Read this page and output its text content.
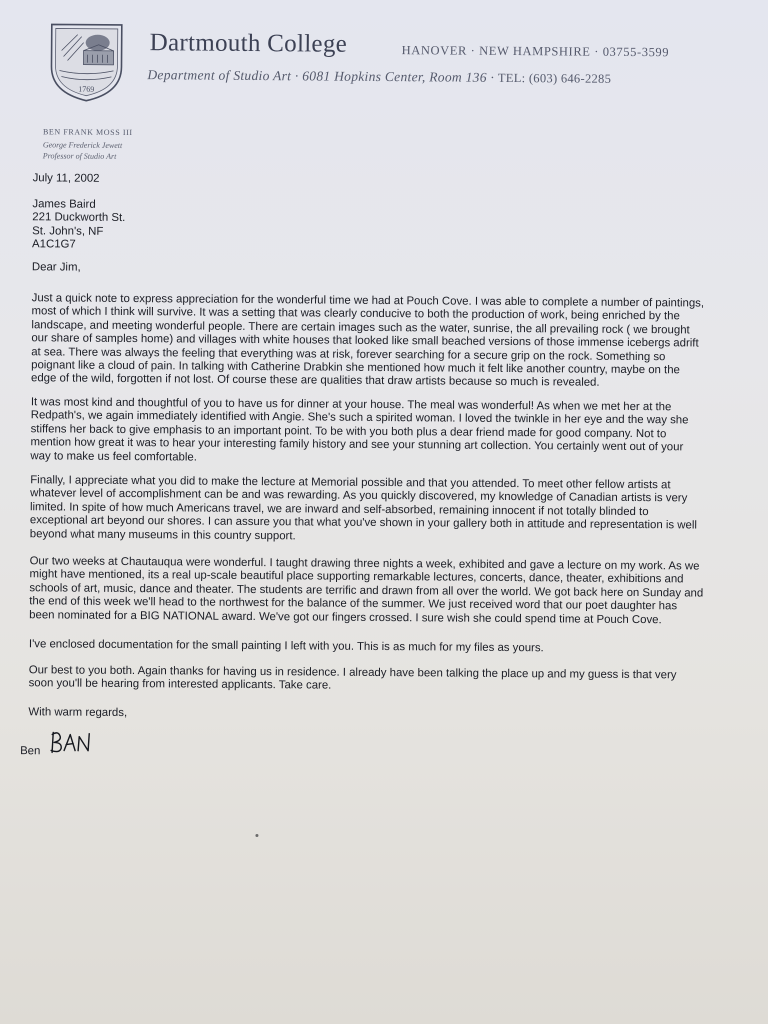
1769
Dartmouth College	HANOVER · NEW HAMPSHIRE · 03755-3599
Department of Studio Art · 6081 Hopkins Center, Room 136 · TEL: (603) 646-2285
BEN FRANK MOSS III
George Frederick Jewett
Professor of Studio Art
July 11, 2002
James Baird
221 Duckworth St.
St. John's, NF
A1C1G7
Dear Jim,
Just a quick note to express appreciation for the wonderful time we had at Pouch Cove. I was able to complete a number of paintings,
most of which I think will survive. It was a setting that was clearly conducive to both the production of work, being enriched by the
landscape, and meeting wonderful people. There are certain images such as the water, sunrise, the all prevailing rock ( we brought
our share of samples home) and villages with white houses that looked like small beached versions of those immense icebergs adrift
at sea. There was always the feeling that everything was at risk, forever searching for a secure grip on the rock. Something so
poignant like a cloud of pain. In talking with Catherine Drabkin she mentioned how much it felt like another country, maybe on the
edge of the wild, forgotten if not lost. Of course these are qualities that draw artists because so much is revealed.
It was most kind and thoughtful of you to have us for dinner at your house. The meal was wonderful! As when we met her at the
Redpath's, we again immediately identified with Angie. She's such a spirited woman. I loved the twinkle in her eye and the way she
stiffens her back to give emphasis to an important point. To be with you both plus a dear friend made for good company. Not to
mention how great it was to hear your interesting family history and see your stunning art collection. You certainly went out of your
way to make us feel comfortable.
Finally, I appreciate what you did to make the lecture at Memorial possible and that you attended. To meet other fellow artists at
whatever level of accomplishment can be and was rewarding. As you quickly discovered, my knowledge of Canadian artists is very
limited. In spite of how much Americans travel, we are inward and self-absorbed, remaining innocent if not totally blinded to
exceptional art beyond our shores. I can assure you that what you've shown in your gallery both in attitude and representation is well
beyond what many museums in this country support.
Our two weeks at Chautauqua were wonderful. I taught drawing three nights a week, exhibited and gave a lecture on my work. As we
might have mentioned, its a real up-scale beautiful place supporting remarkable lectures, concerts, dance, theater, exhibitions and
schools of art, music, dance and theater. The students are terrific and drawn from all over the world. We got back here on Sunday and
the end of this week we'll head to the northwest for the balance of the summer. We just received word that our poet daughter has
been nominated for a BIG NATIONAL award. We've got our fingers crossed. I sure wish she could spend time at Pouch Cove.
I've enclosed documentation for the small painting I left with you. This is as much for my files as yours.
Our best to you both. Again thanks for having us in residence. I already have been talking the place up and my guess is that very
soon you'll be hearing from interested applicants. Take care.
With warm regards,
Ben
